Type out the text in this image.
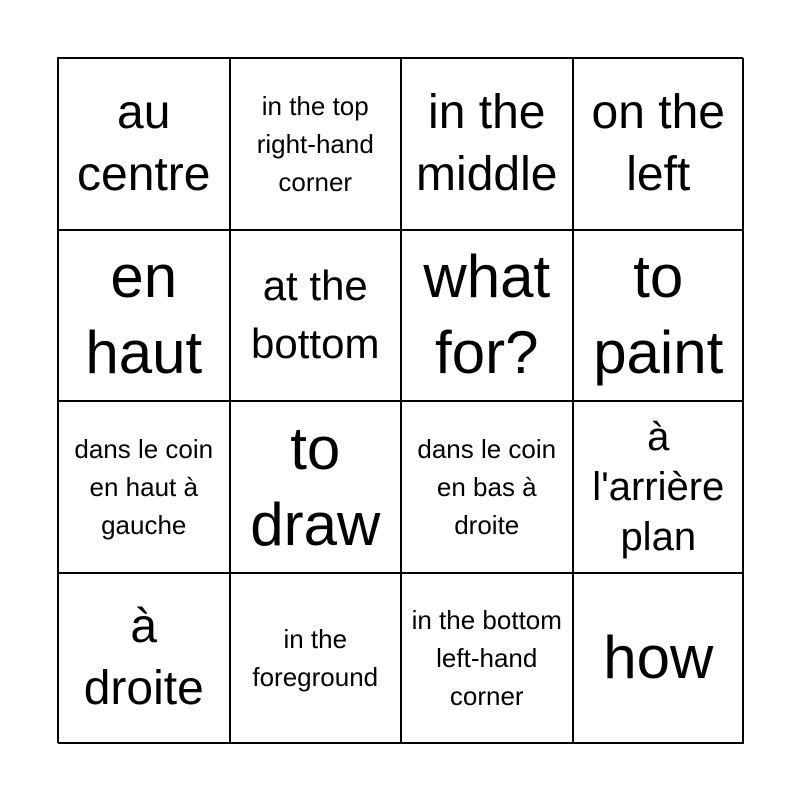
au centre
in the top right-hand corner
in the middle
on the left
en haut
at the bottom
what for?
to paint
dans le coin en haut à gauche
to draw
dans le coin en bas à droite
à l'arrière plan
à droite
in the foreground
in the bottom left-hand corner
how
